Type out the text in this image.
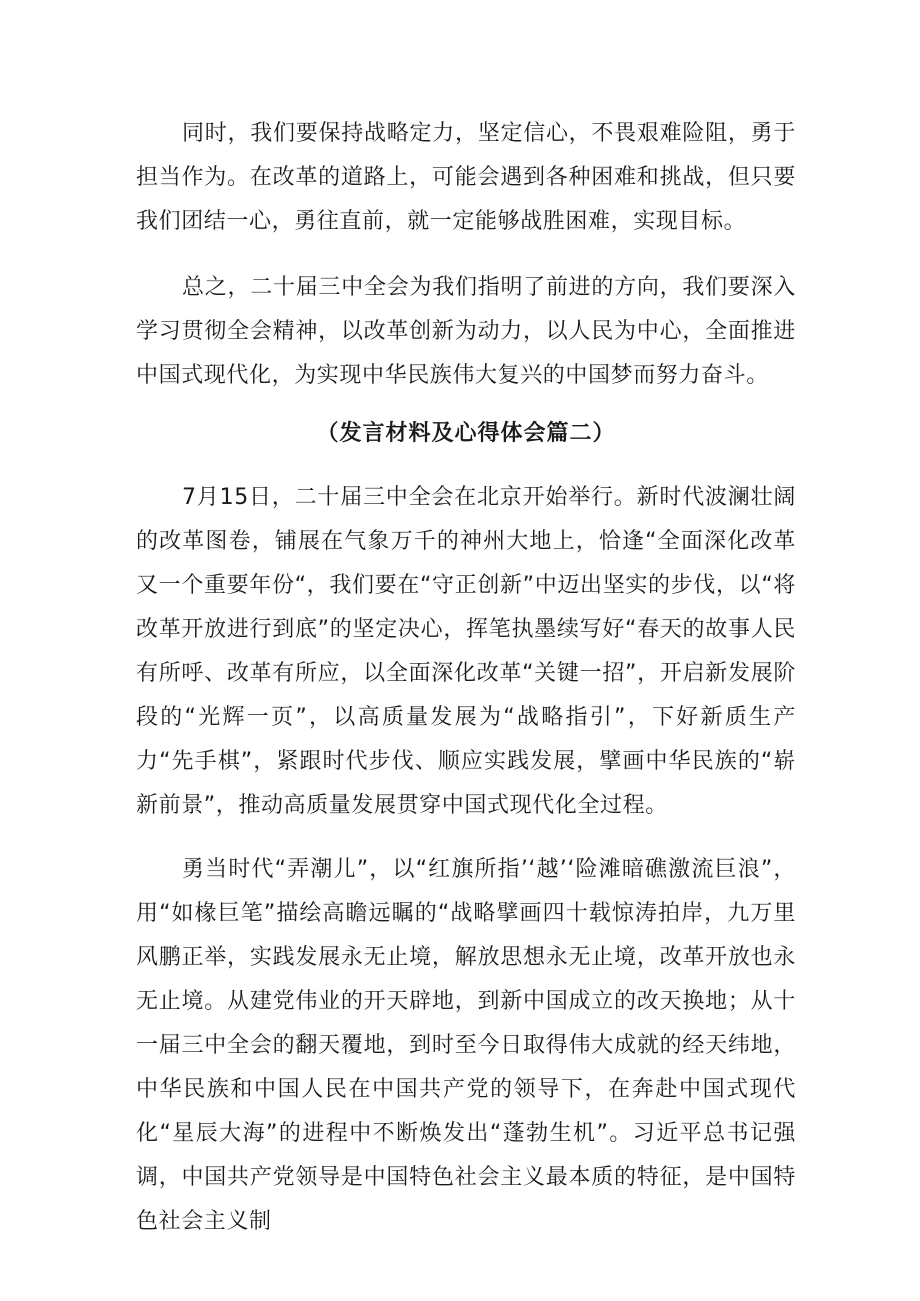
同时，我们要保持战略定力，坚定信心，不畏艰难险阻，勇于担当作为。在改革的道路上，可能会遇到各种困难和挑战，但只要我们团结一心，勇往直前，就一定能够战胜困难，实现目标。

总之，二十届三中全会为我们指明了前进的方向，我们要深入学习贯彻全会精神，以改革创新为动力，以人民为中心，全面推进中国式现代化，为实现中华民族伟大复兴的中国梦而努力奋斗。

（发言材料及心得体会篇二）

7月15日，二十届三中全会在北京开始举行。新时代波澜壮阔的改革图卷，铺展在气象万千的神州大地上，恰逢“全面深化改革又一个重要年份“，我们要在“守正创新”中迈出坚实的步伐，以“将改革开放进行到底”的坚定决心，挥笔执墨续写好“春天的故事人民有所呼、改革有所应，以全面深化改革“关键一招”，开启新发展阶段的“光辉一页”，以高质量发展为“战略指引”，下好新质生产力“先手棋”，紧跟时代步伐、顺应实践发展，擘画中华民族的“崭新前景”，推动高质量发展贯穿中国式现代化全过程。

勇当时代“弄潮儿”，以“红旗所指’‘越’‘险滩暗礁激流巨浪”，用“如椽巨笔”描绘高瞻远瞩的“战略擘画四十载惊涛拍岸，九万里风鹏正举，实践发展永无止境，解放思想永无止境，改革开放也永无止境。从建党伟业的开天辟地，到新中国成立的改天换地；从十一届三中全会的翻天覆地，到时至今日取得伟大成就的经天纬地，中华民族和中国人民在中国共产党的领导下，在奔赴中国式现代化“星辰大海”的进程中不断焕发出“蓬勃生机”。习近平总书记强调，中国共产党领导是中国特色社会主义最本质的特征，是中国特色社会主义制
